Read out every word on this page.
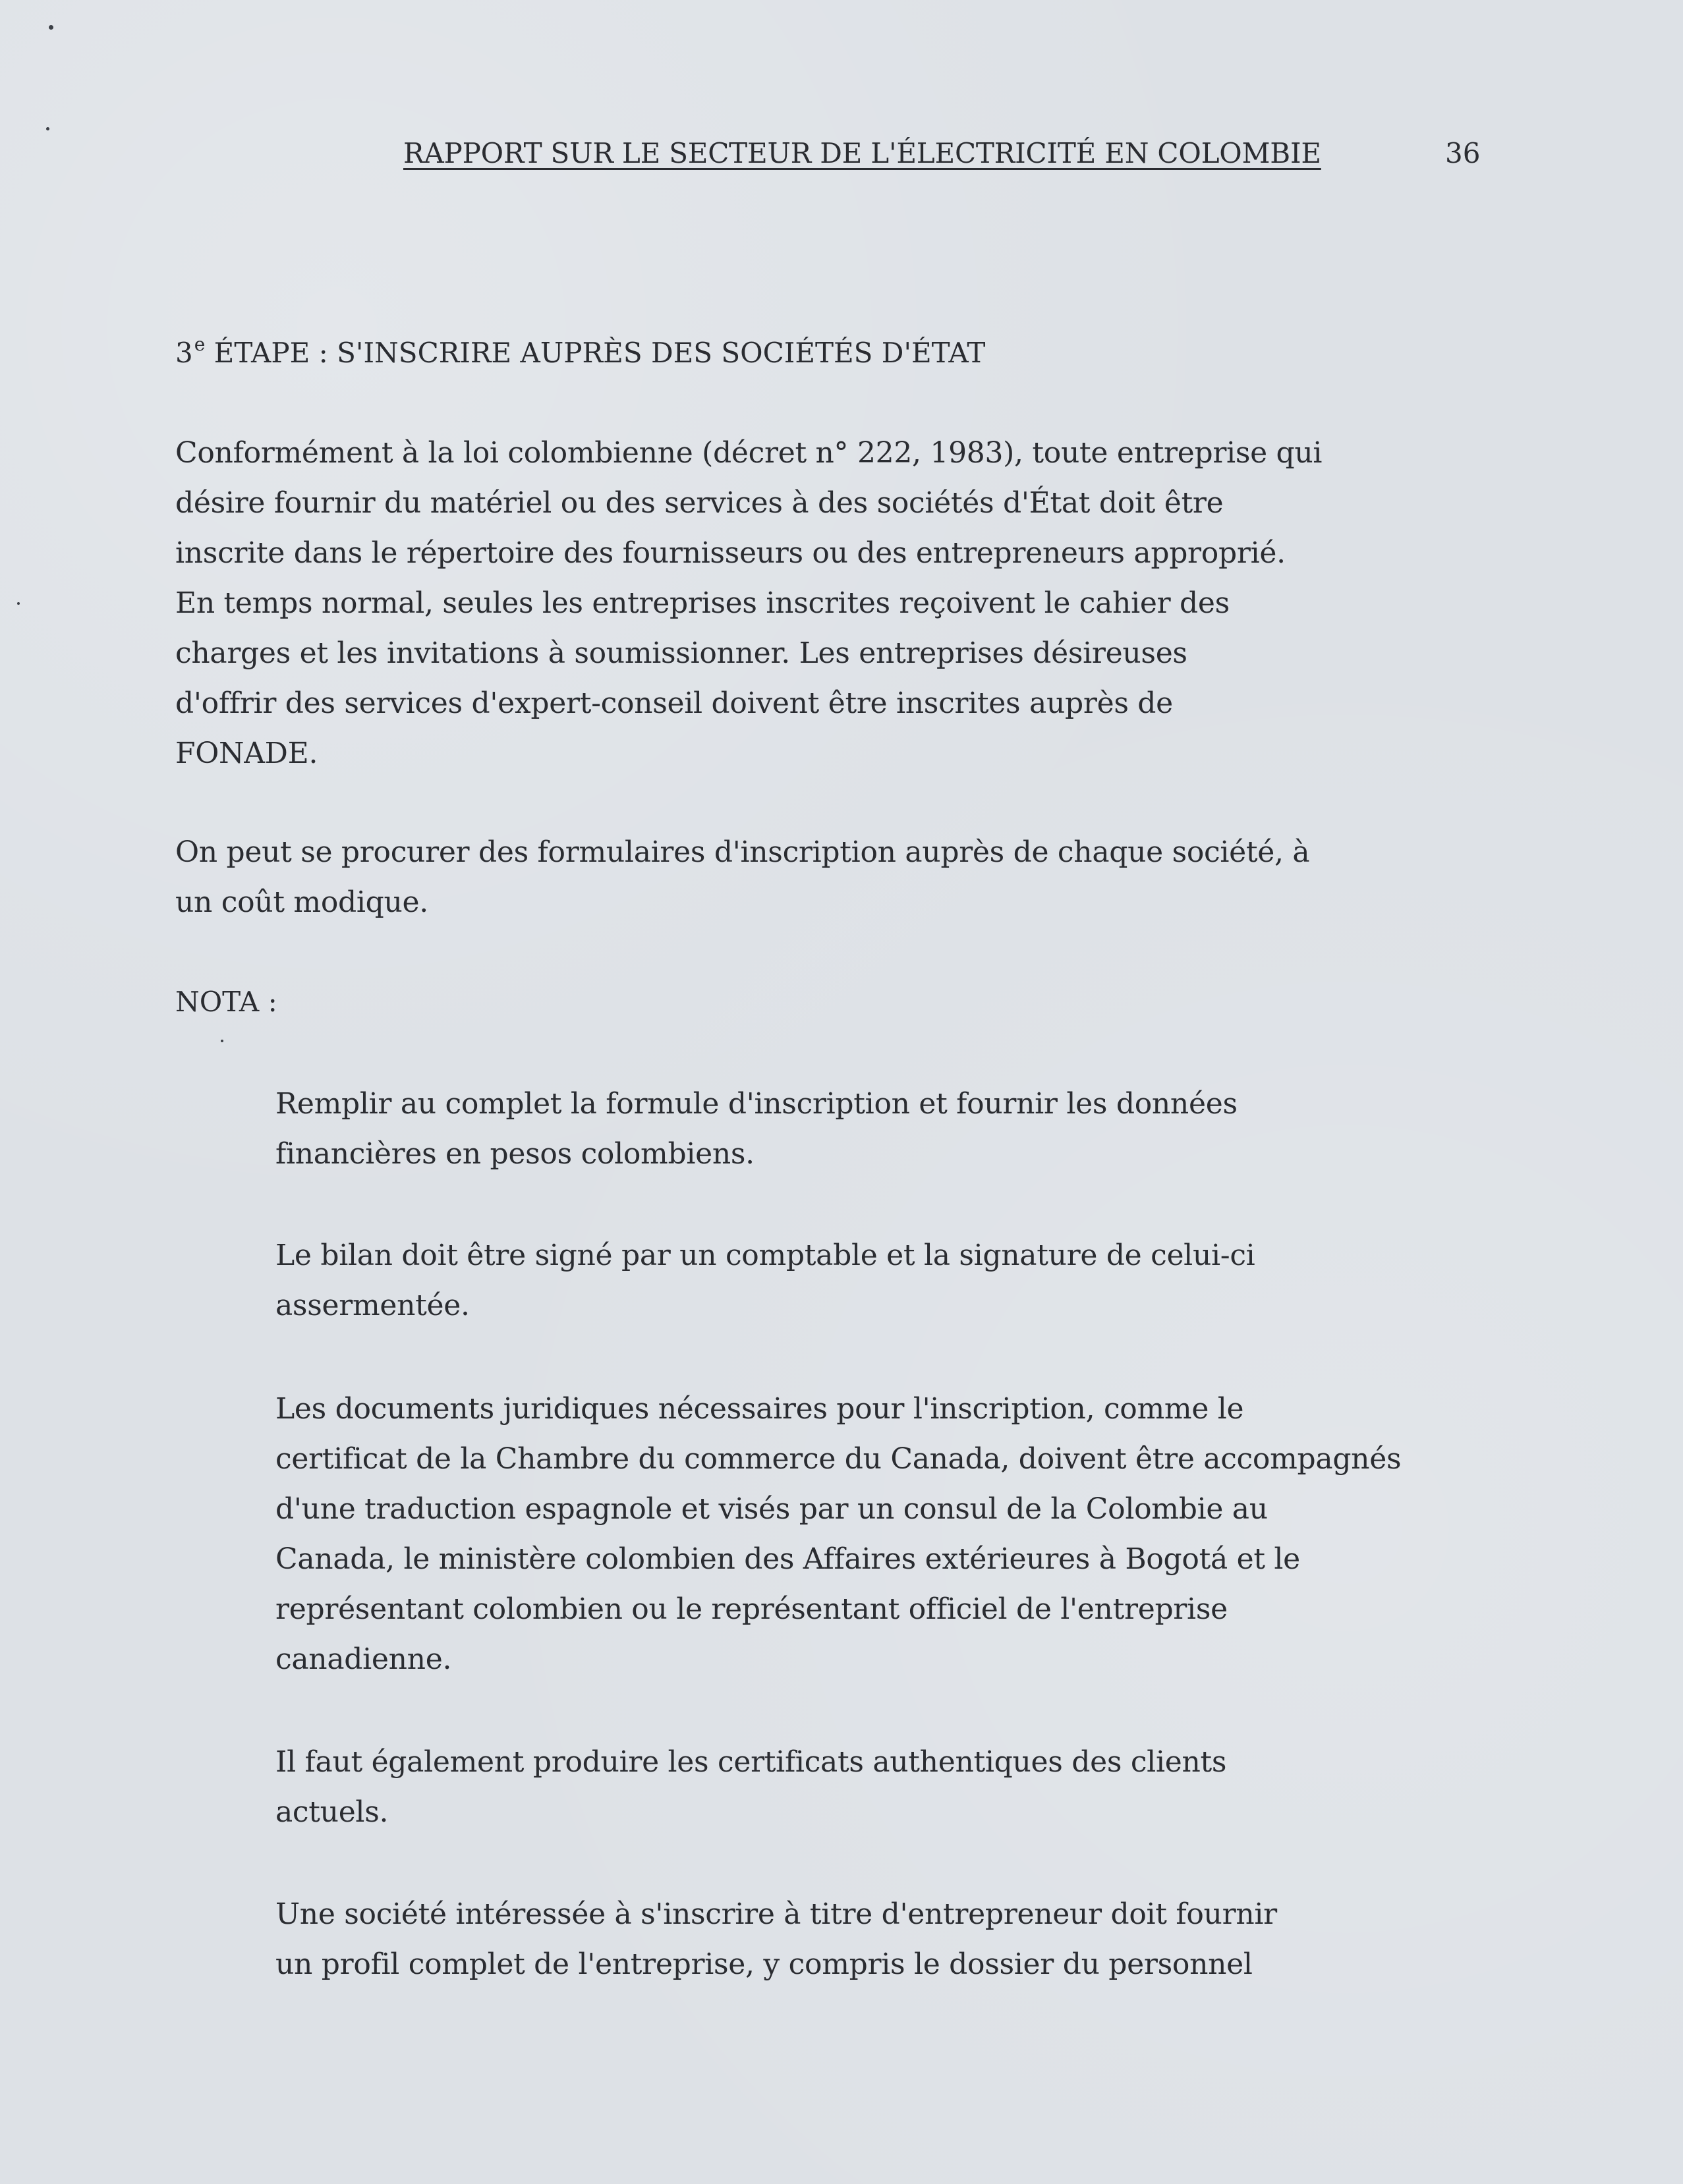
RAPPORT SUR LE SECTEUR DE L'ÉLECTRICITÉ EN COLOMBIE	36
3e ÉTAPE : S'INSCRIRE AUPRÈS DES SOCIÉTÉS D'ÉTAT

Conformément à la loi colombienne (décret n° 222, 1983), toute entreprise qui
désire fournir du matériel ou des services à des sociétés d'État doit être
inscrite dans le répertoire des fournisseurs ou des entrepreneurs approprié.
En temps normal, seules les entreprises inscrites reçoivent le cahier des
charges et les invitations à soumissionner. Les entreprises désireuses
d'offrir des services d'expert-conseil doivent être inscrites auprès de
FONADE.

On peut se procurer des formulaires d'inscription auprès de chaque société, à
un coût modique.

NOTA :

Remplir au complet la formule d'inscription et fournir les données
financières en pesos colombiens.

Le bilan doit être signé par un comptable et la signature de celui-ci
assermentée.

Les documents juridiques nécessaires pour l'inscription, comme le
certificat de la Chambre du commerce du Canada, doivent être accompagnés
d'une traduction espagnole et visés par un consul de la Colombie au
Canada, le ministère colombien des Affaires extérieures à Bogotá et le
représentant colombien ou le représentant officiel de l'entreprise
canadienne.

Il faut également produire les certificats authentiques des clients
actuels.

Une société intéressée à s'inscrire à titre d'entrepreneur doit fournir
un profil complet de l'entreprise, y compris le dossier du personnel
